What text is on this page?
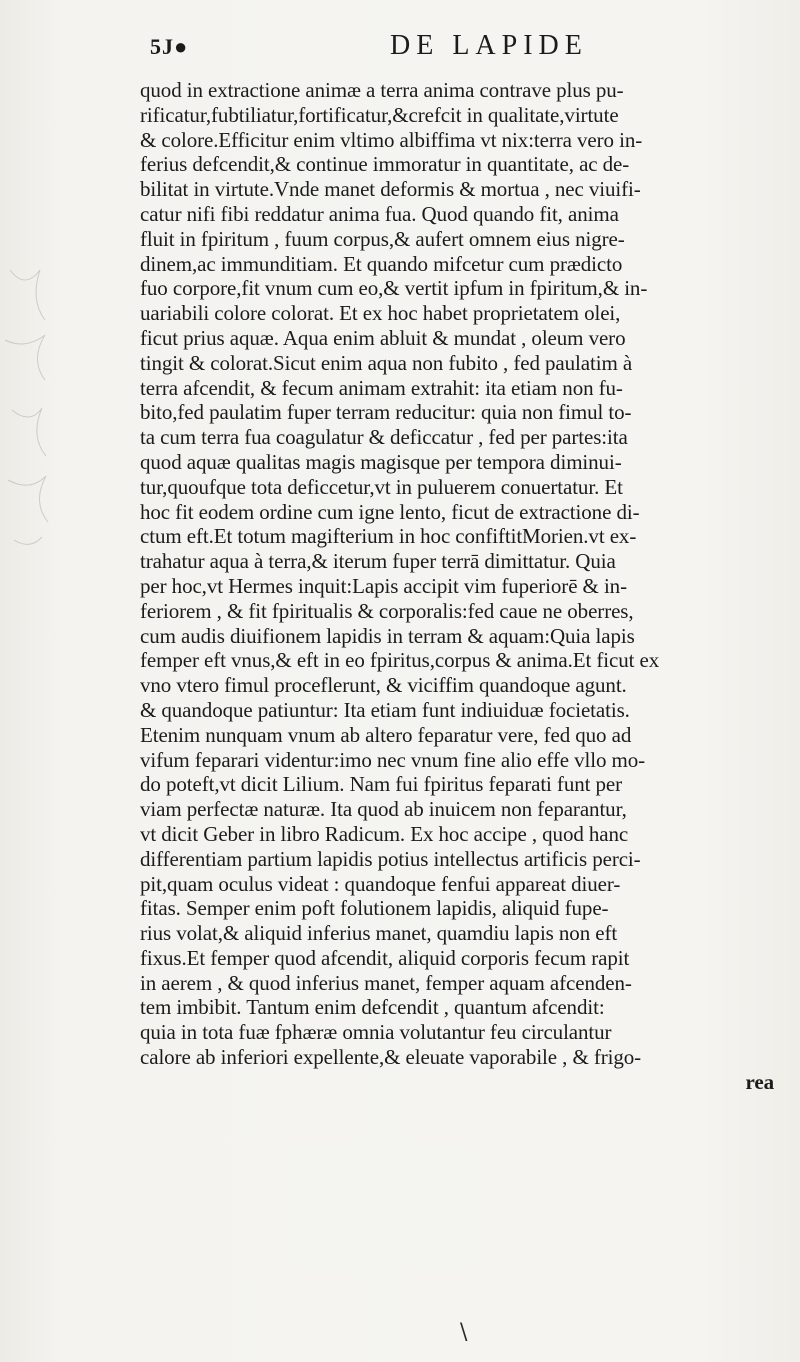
5J●	DE LAPIDE
quod in extractione animæ a terra anima contrave plus pu-
rificatur,fubtiliatur,fortificatur,&crefcit in qualitate,virtute
& colore.Efficitur enim vltimo albiffima vt nix:terra vero in-
ferius defcendit,& continue immoratur in quantitate, ac de-
bilitat in virtute.Vnde manet deformis & mortua , nec viuifi-
catur nifi fibi reddatur anima fua. Quod quando fit, anima
fluit in fpiritum , fuum corpus,& aufert omnem eius nigre-
dinem,ac immunditiam. Et quando mifcetur cum prædicto
fuo corpore,fit vnum cum eo,& vertit ipfum in fpiritum,& in-
uariabili colore colorat. Et ex hoc habet proprietatem olei,
ficut prius aquæ. Aqua enim abluit & mundat , oleum vero
tingit & colorat.Sicut enim aqua non fubito , fed paulatim à
terra afcendit, & fecum animam extrahit: ita etiam non fu-
bito,fed paulatim fuper terram reducitur: quia non fimul to-
ta cum terra fua coagulatur & deficcatur , fed per partes:ita
quod aquæ qualitas magis magisque per tempora diminui-
tur,quoufque tota deficcetur,vt in puluerem conuertatur. Et
hoc fit eodem ordine cum igne lento, ficut de extractione di-
ctum eft.Et totum magifterium in hoc confiftitMorien.vt ex-
trahatur aqua à terra,& iterum fuper terrā dimittatur. Quia
per hoc,vt Hermes inquit:Lapis accipit vim fuperiorē & in-
feriorem , & fit fpiritualis & corporalis:fed caue ne oberres,
cum audis diuifionem lapidis in terram & aquam:Quia lapis
femper eft vnus,& eft in eo fpiritus,corpus & anima.Et ficut ex
vno vtero fimul proceflerunt, & viciffim quandoque agunt.
& quandoque patiuntur: Ita etiam funt indiuiduæ focietatis.
Etenim nunquam vnum ab altero feparatur vere, fed quo ad
vifum feparari videntur:imo nec vnum fine alio effe vllo mo-
do poteft,vt dicit Lilium. Nam fui fpiritus feparati funt per
viam perfectæ naturæ. Ita quod ab inuicem non feparantur,
vt dicit Geber in libro Radicum. Ex hoc accipe , quod hanc
differentiam partium lapidis potius intellectus artificis perci-
pit,quam oculus videat : quandoque fenfui appareat diuer-
fitas. Semper enim poft folutionem lapidis, aliquid fupe-
rius volat,& aliquid inferius manet, quamdiu lapis non eft
fixus.Et femper quod afcendit, aliquid corporis fecum rapit
in aerem , & quod inferius manet, femper aquam afcenden-
tem imbibit. Tantum enim defcendit , quantum afcendit:
quia in tota fuæ fphæræ omnia volutantur feu circulantur
calore ab inferiori expellente,& eleuate vaporabile , & frigo-
rea
\
